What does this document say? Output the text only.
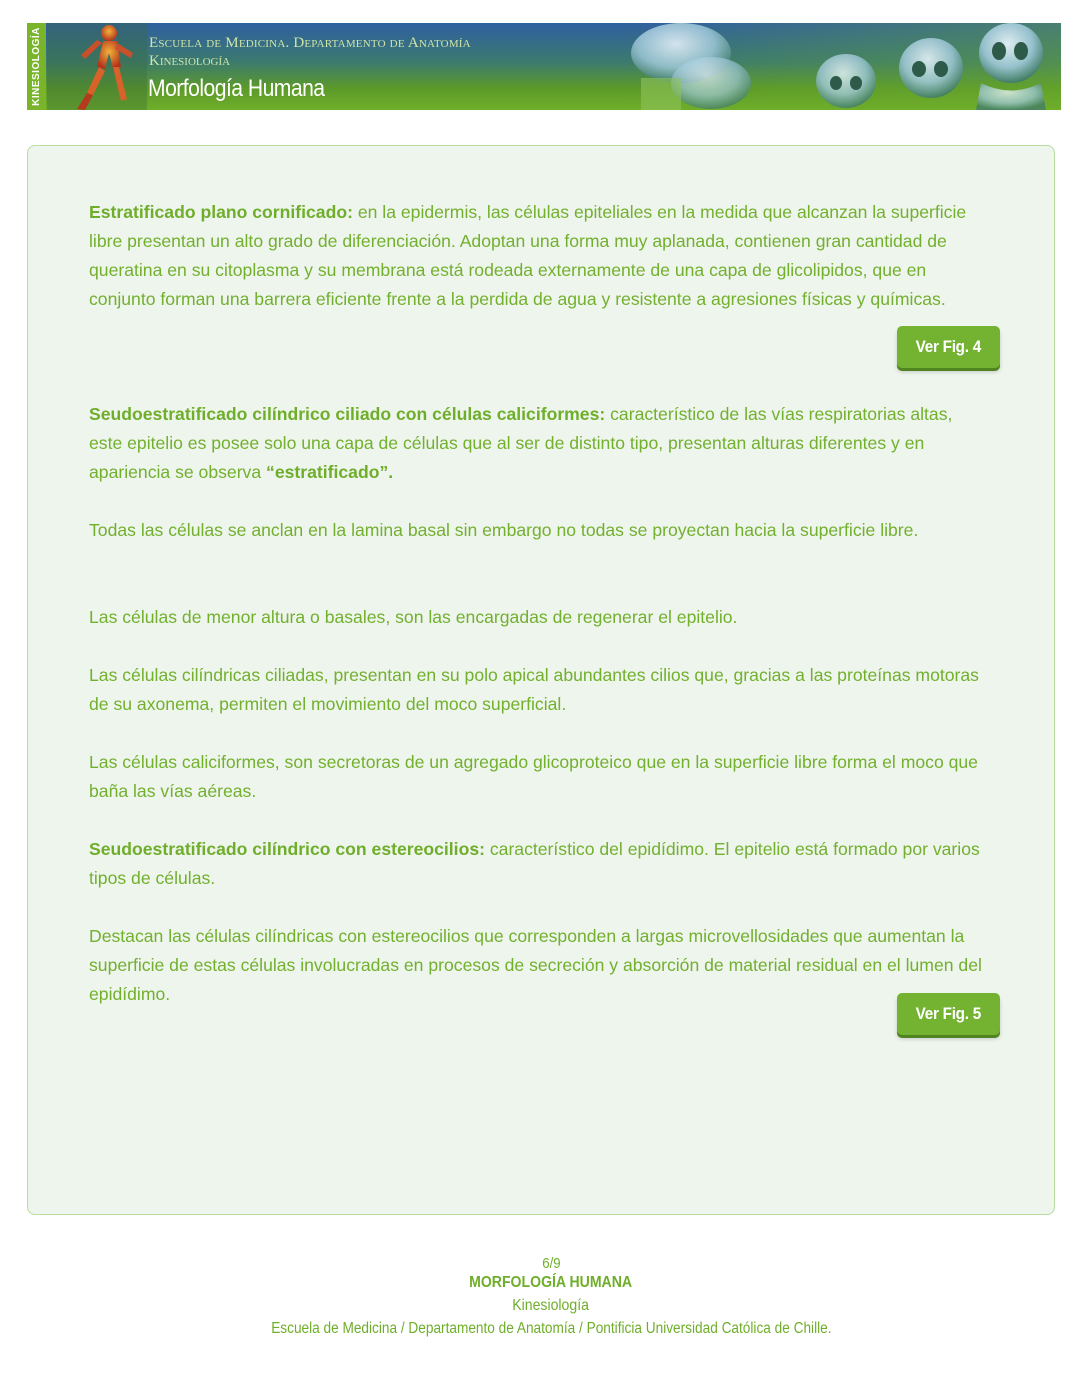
KINESIOLOGÍA	Escuela de Medicina. Departamento de Anatomía
Kinesiología
Morfología Humana

Estratificado plano cornificado: en la epidermis, las células epiteliales en la medida que alcanzan la superficie libre presentan un alto grado de diferenciación. Adoptan una forma muy aplanada, contienen gran cantidad de queratina en su citoplasma y su membrana está rodeada externamente de una capa de glicolipidos, que en conjunto forman una barrera eficiente frente a la perdida de agua y resistente a agresiones físicas y químicas.

Ver Fig. 4

Seudoestratificado cilíndrico ciliado con células caliciformes: característico de las vías respiratorias altas, este epitelio es posee solo una capa de células que al ser de distinto tipo, presentan alturas diferentes y en apariencia se observa “estratificado”.

Todas las células se anclan en la lamina basal sin embargo no todas se proyectan hacia la superficie libre.

Las células de menor altura o basales, son las encargadas de regenerar el epitelio.

Las células cilíndricas ciliadas, presentan en su polo apical abundantes cilios que, gracias a las proteínas motoras de su axonema, permiten el movimiento del moco superficial.

Las células caliciformes, son secretoras de un agregado glicoproteico que en la superficie libre forma el moco que baña las vías aéreas.

Seudoestratificado cilíndrico con estereocilios: característico del epidídimo. El epitelio está formado por varios tipos de células.

Destacan las células cilíndricas con estereocilios que corresponden a largas microvellosidades que aumentan la superficie de estas células involucradas en procesos de secreción y absorción de material residual en el lumen del epidídimo.

Ver Fig. 5
6/9
MORFOLOGÍA HUMANA
Kinesiología
Escuela de Medicina / Departamento de Anatomía / Pontificia Universidad Católica de Chille.
